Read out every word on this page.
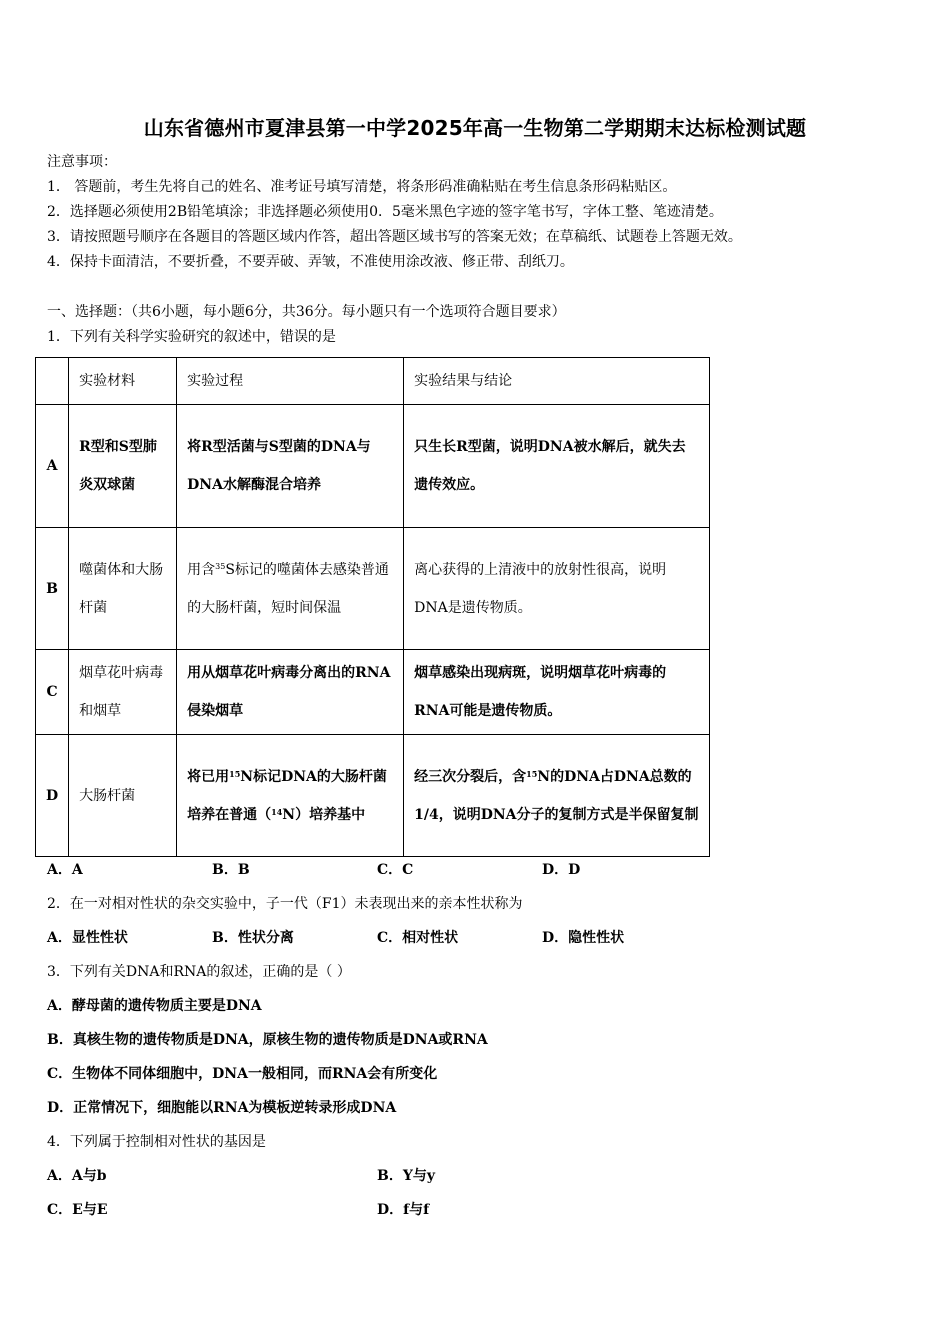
山东省德州市夏津县第一中学2025年高一生物第二学期期末达标检测试题
注意事项：
1． 答题前，考生先将自己的姓名、准考证号填写清楚，将条形码准确粘贴在考生信息条形码粘贴区。
2．选择题必须使用2B铅笔填涂；非选择题必须使用0．5毫米黑色字迹的签字笔书写，字体工整、笔迹清楚。
3．请按照题号顺序在各题目的答题区域内作答，超出答题区域书写的答案无效；在草稿纸、试题卷上答题无效。
4．保持卡面清洁，不要折叠，不要弄破、弄皱，不准使用涂改液、修正带、刮纸刀。
一、选择题：（共6小题，每小题6分，共36分。每小题只有一个选项符合题目要求）
1．下列有关科学实验研究的叙述中，错误的是
	实验材料	实验过程	实验结果与结论
A	R型和S型肺炎双球菌	将R型活菌与S型菌的DNA与DNA水解酶混合培养	只生长R型菌，说明DNA被水解后，就失去遗传效应。
B	噬菌体和大肠杆菌	用含$^{35}$S标记的噬菌体去感染普通的大肠杆菌，短时间保温	离心获得的上清液中的放射性很高，说明DNA是遗传物质。
C	烟草花叶病毒和烟草	用从烟草花叶病毒分离出的RNA侵染烟草	烟草感染出现病斑，说明烟草花叶病毒的RNA可能是遗传物质。
D	大肠杆菌	将已用$^{15}$N标记DNA的大肠杆菌培养在普通（$^{14}$N）培养基中	经三次分裂后，含$^{15}$N的DNA占DNA总数的1/4，说明DNA分子的复制方式是半保留复制
A．A	B．B	C．C	D．D
2．在一对相对性状的杂交实验中，子一代（F1）未表现出来的亲本性状称为
A．显性性状	B．性状分离	C．相对性状	D．隐性性状
3．下列有关DNA和RNA的叙述，正确的是（ ）
A．酵母菌的遗传物质主要是DNA
B．真核生物的遗传物质是DNA，原核生物的遗传物质是DNA或RNA
C．生物体不同体细胞中，DNA一般相同，而RNA会有所变化
D．正常情况下，细胞能以RNA为模板逆转录形成DNA
4．下列属于控制相对性状的基因是
A．A与b	B．Y与y
C．E与E	D．f与f
